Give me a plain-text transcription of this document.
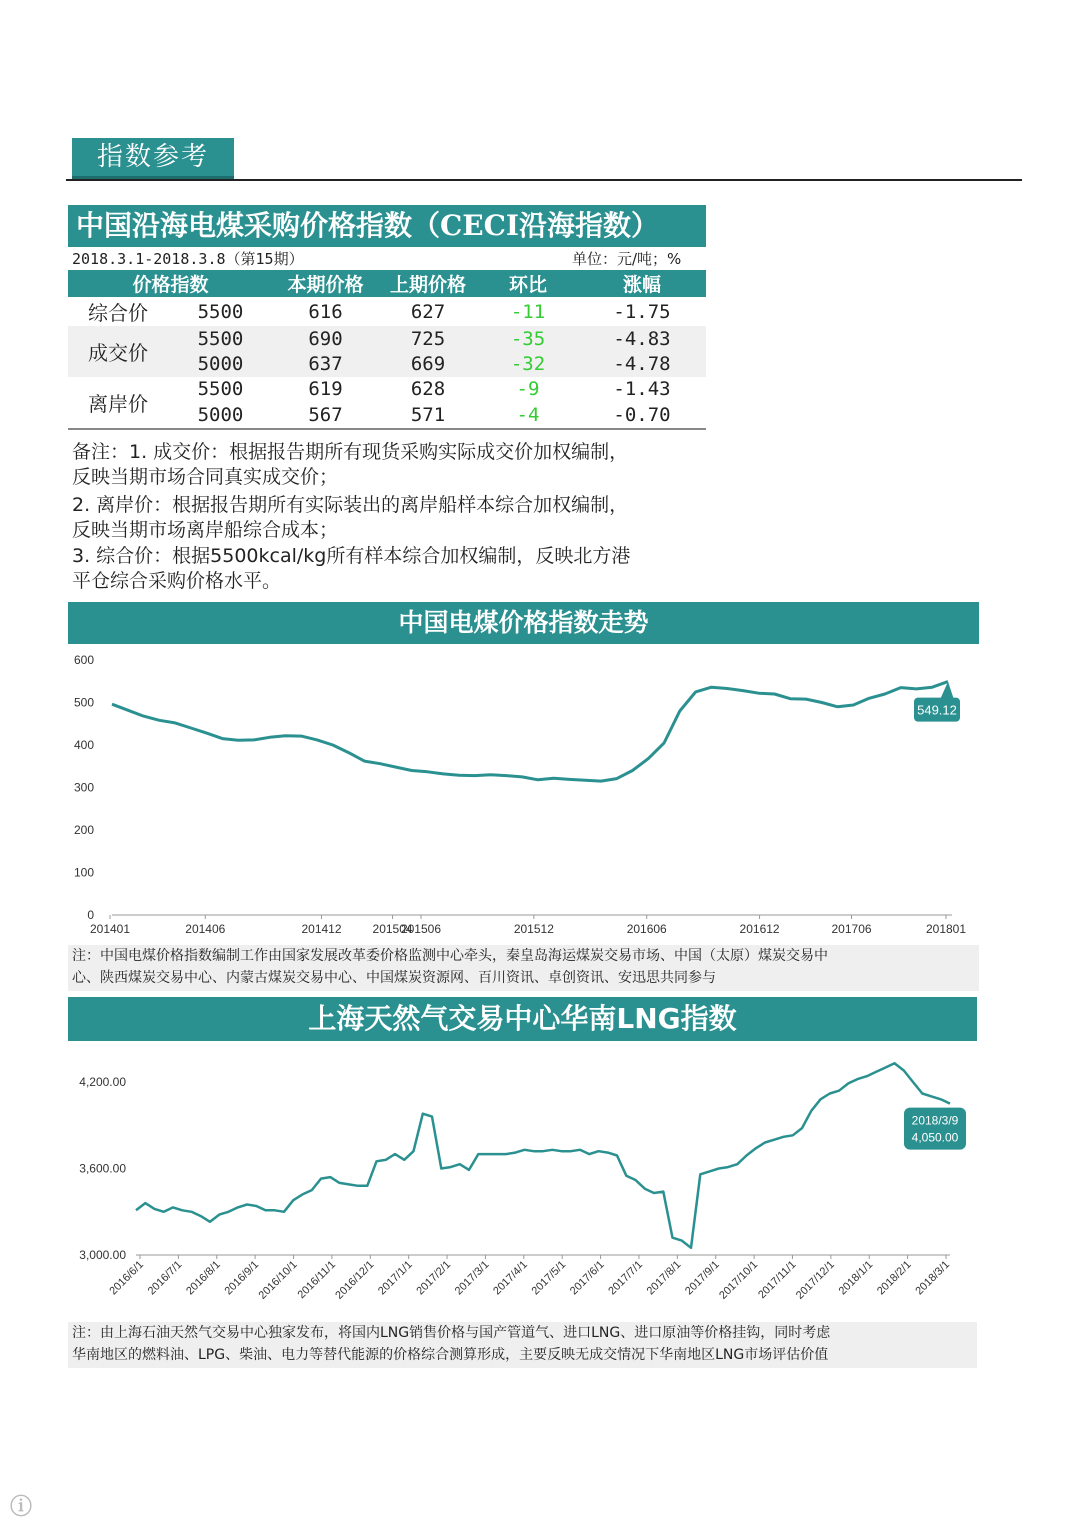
指数参考
中国沿海电煤采购价格指数（CECI沿海指数）
2018.3.1-2018.3.8（第15期）	单位：元/吨；%
价格指数		本期价格	上期价格	环比	涨幅
综合价	5500	616	627	-11	-1.75
成交价	5500	690	725	-35	-4.83
	5000	637	669	-32	-4.78
离岸价	5500	619	628	-9	-1.43
	5000	567	571	-4	-0.70
备注：1. 成交价：根据报告期所有现货采购实际成交价加权编制，
反映当期市场合同真实成交价；
2. 离岸价：根据报告期所有实际装出的离岸船样本综合加权编制，
反映当期市场离岸船综合成本；
3. 综合价：根据5500kcal/kg所有样本综合加权编制，反映北方港
平仓综合采购价格水平。
中国电煤价格指数走势
0
100
200
300
400
500
600
201401	201406	201412	201504
201506	201512	201606	201612	201706	201801
549.12
注：中国电煤价格指数编制工作由国家发展改革委价格监测中心牵头，秦皇岛海运煤炭交易市场、中国（太原）煤炭交易中
心、陕西煤炭交易中心、内蒙古煤炭交易中心、中国煤炭资源网、百川资讯、卓创资讯、安迅思共同参与
上海天然气交易中心华南LNG指数
3,000.00
3,600.00
4,200.00
2016/6/1 2016/7/1 2016/8/1 2016/9/1
2016/10/1
2016/11/1
2016/12/1 2017/1/1 2017/2/1 2017/3/1 2017/4/1 2017/5/1 2017/6/1 2017/7/1 2017/8/1 2017/9/1
2017/10/1
2017/11/1
2017/12/1 2018/1/1 2018/2/1 2018/3/1
2018/3/9
4,050.00
注：由上海石油天然气交易中心独家发布，将国内LNG销售价格与国产管道气、进口LNG、进口原油等价格挂钩，同时考虑
华南地区的燃料油、LPG、柴油、电力等替代能源的价格综合测算形成，主要反映无成交情况下华南地区LNG市场评估价值
ⓘ
